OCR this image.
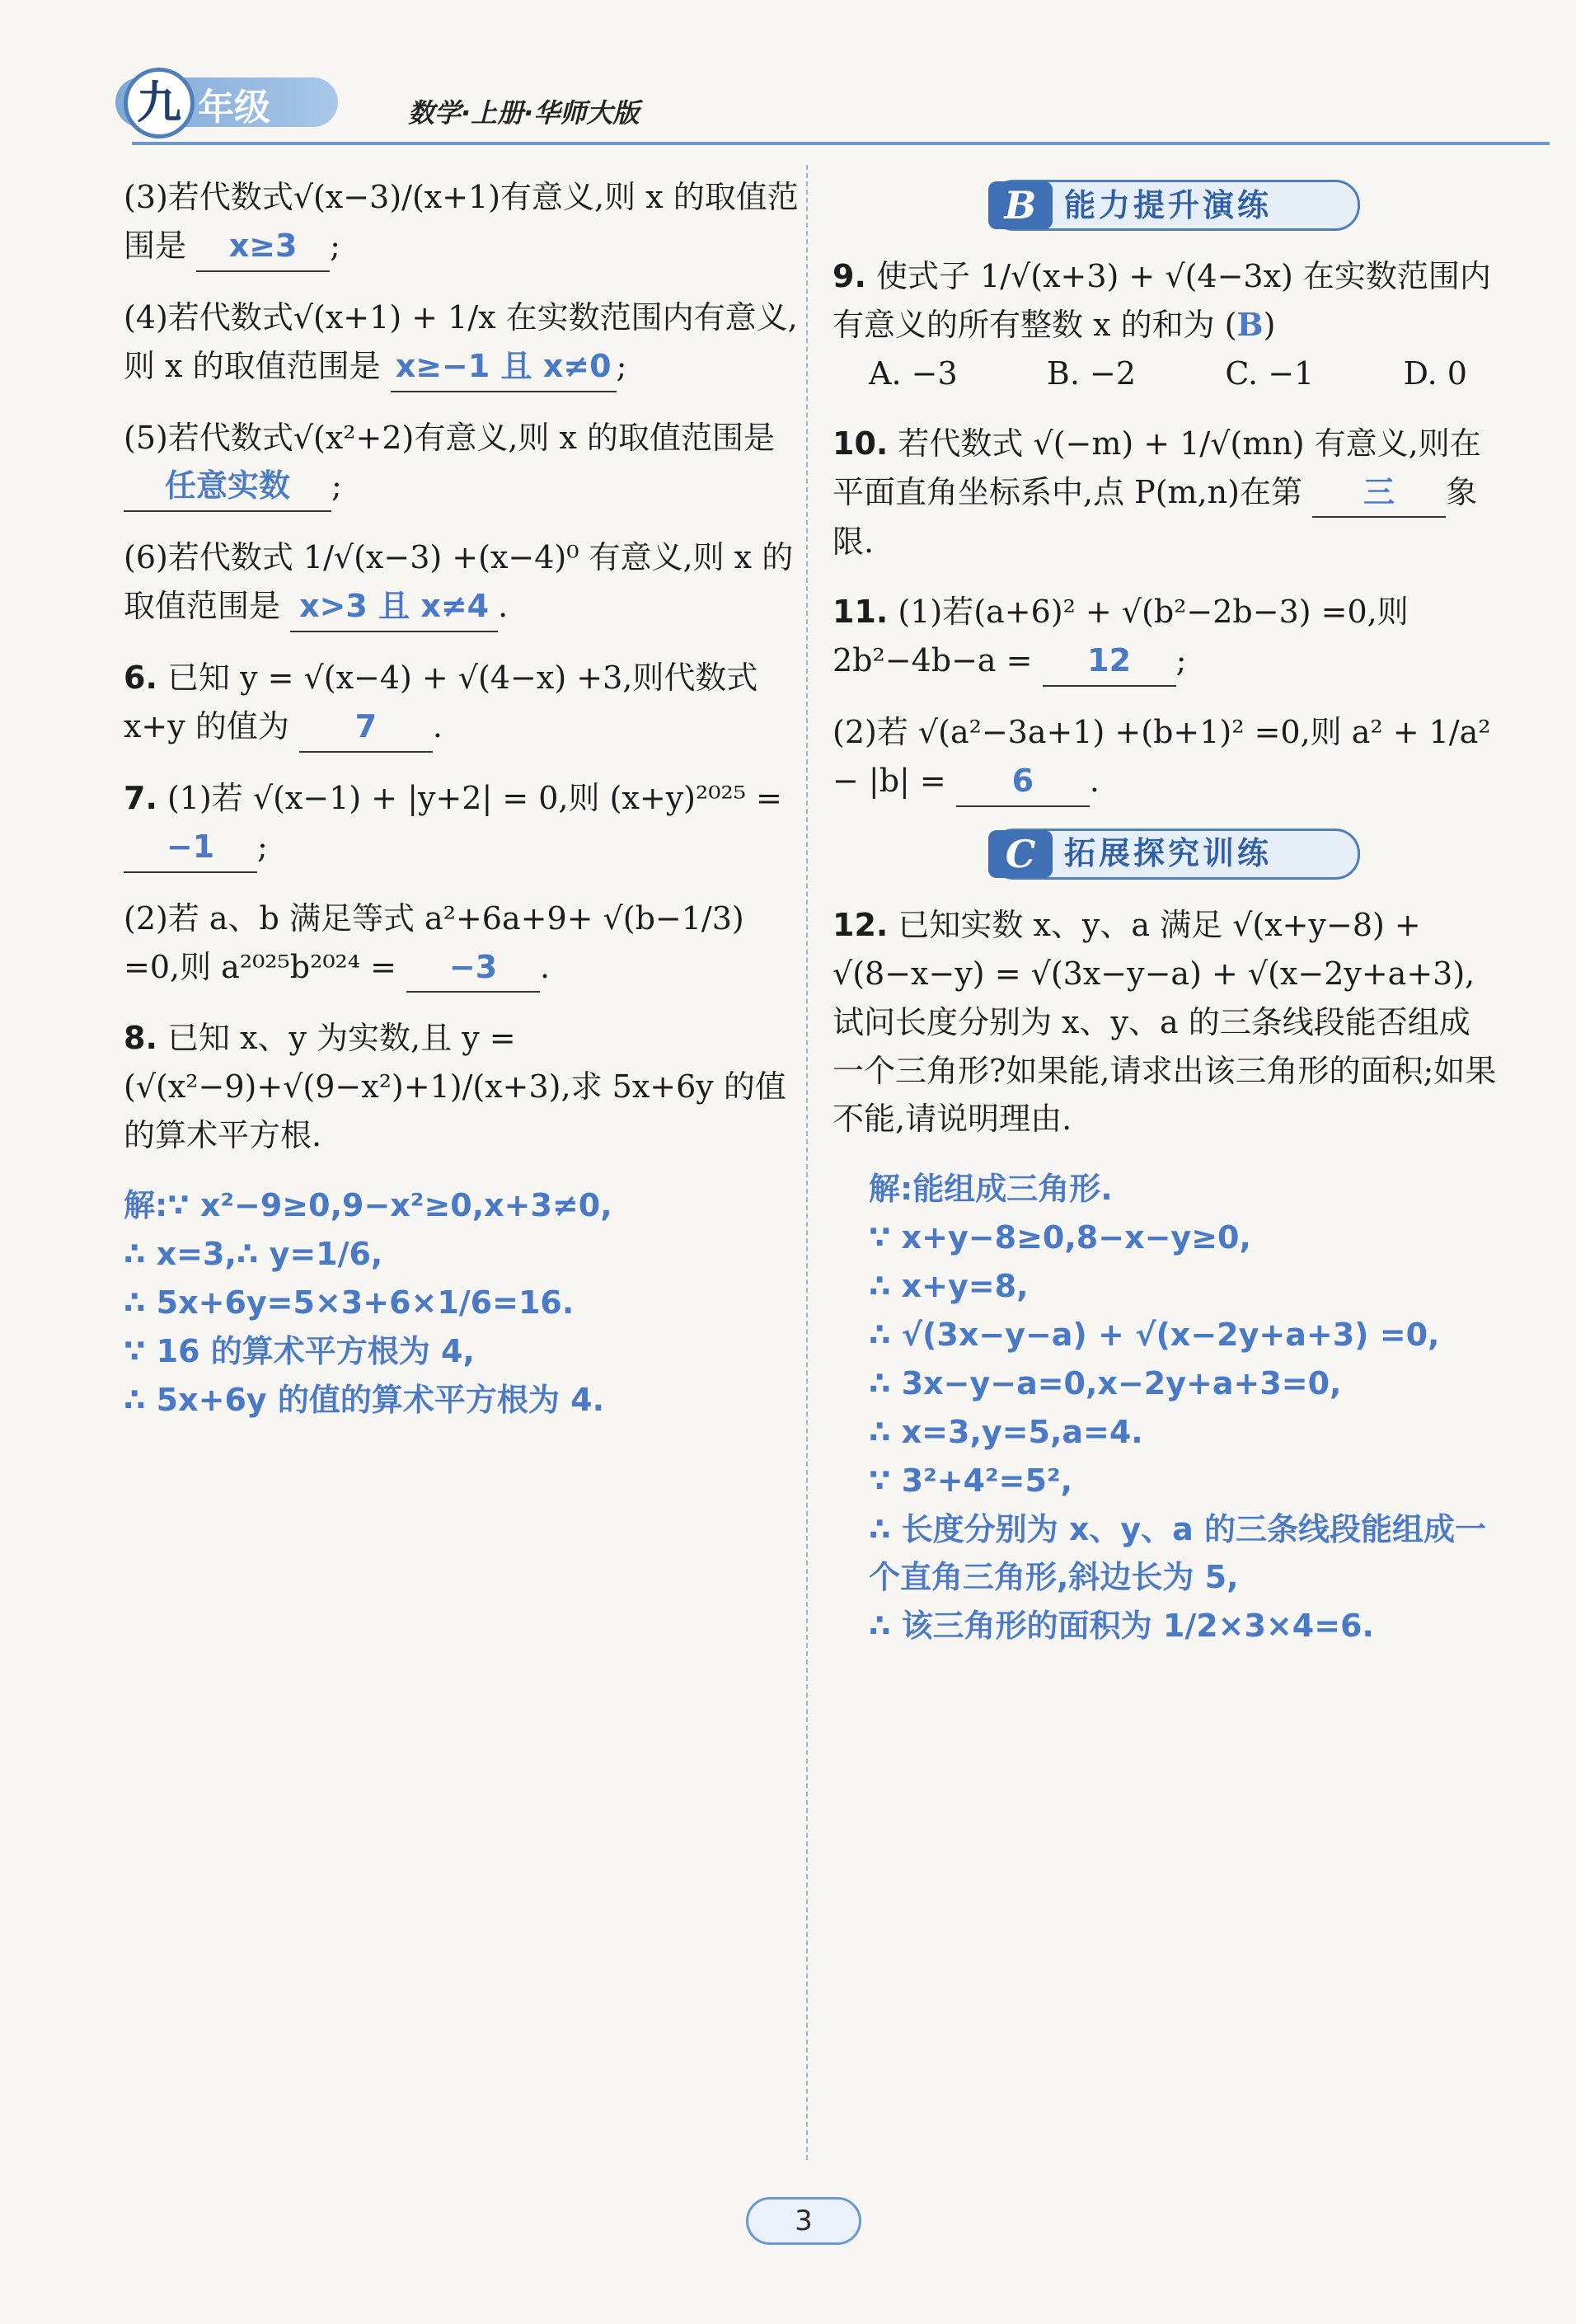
九 年级	数学·上册·华师大版

(3)若代数式√(x−3)/(x+1)有意义,则 x 的取值范围是 x≥3 ;

(4)若代数式√(x+1) + 1/x 在实数范围内有意义,则 x 的取值范围是 x≥−1 且 x≠0 ;

(5)若代数式√(x²+2)有意义,则 x 的取值范围是 任意实数 ;

(6)若代数式 1/√(x−3) +(x−4)⁰ 有意义,则 x 的取值范围是 x>3 且 x≠4 .

6. 已知 y = √(x−4) + √(4−x) +3,则代数式 x+y 的值为 7 .

7. (1)若 √(x−1) + |y+2| = 0,则 (x+y)²⁰²⁵ = −1 ;

(2)若 a、b 满足等式 a²+6a+9+ √(b−1/3) =0,则 a²⁰²⁵b²⁰²⁴ = −3 .

8. 已知 x、y 为实数,且 y = (√(x²−9)+√(9−x²)+1)/(x+3),求 5x+6y 的值的算术平方根.

解:∵ x²−9≥0,9−x²≥0,x+3≠0,

∴ x=3,∴ y=1/6,

∴ 5x+6y=5×3+6×1/6=16.

∵ 16 的算术平方根为 4,

∴ 5x+6y 的值的算术平方根为 4.

B 能力提升演练

9. 使式子 1/√(x+3) + √(4−3x) 在实数范围内有意义的所有整数 x 的和为 (B)

A. −3	B. −2	C. −1	D. 0

10. 若代数式 √(−m) + 1/√(mn) 有意义,则在平面直角坐标系中,点 P(m,n)在第 三 象限.

11. (1)若(a+6)² + √(b²−2b−3) =0,则 2b²−4b−a = 12 ;

(2)若 √(a²−3a+1) +(b+1)² =0,则 a² + 1/a² − |b| = 6 .

C 拓展探究训练

12. 已知实数 x、y、a 满足 √(x+y−8) + √(8−x−y) = √(3x−y−a) + √(x−2y+a+3),试问长度分别为 x、y、a 的三条线段能否组成一个三角形?如果能,请求出该三角形的面积;如果不能,请说明理由.

解:能组成三角形.

∵ x+y−8≥0,8−x−y≥0,

∴ x+y=8,

∴ √(3x−y−a) + √(x−2y+a+3) =0,

∴ 3x−y−a=0,x−2y+a+3=0,

∴ x=3,y=5,a=4.

∵ 3²+4²=5²,

∴ 长度分别为 x、y、a 的三条线段能组成一个直角三角形,斜边长为 5,

∴ 该三角形的面积为 1/2×3×4=6.

3
